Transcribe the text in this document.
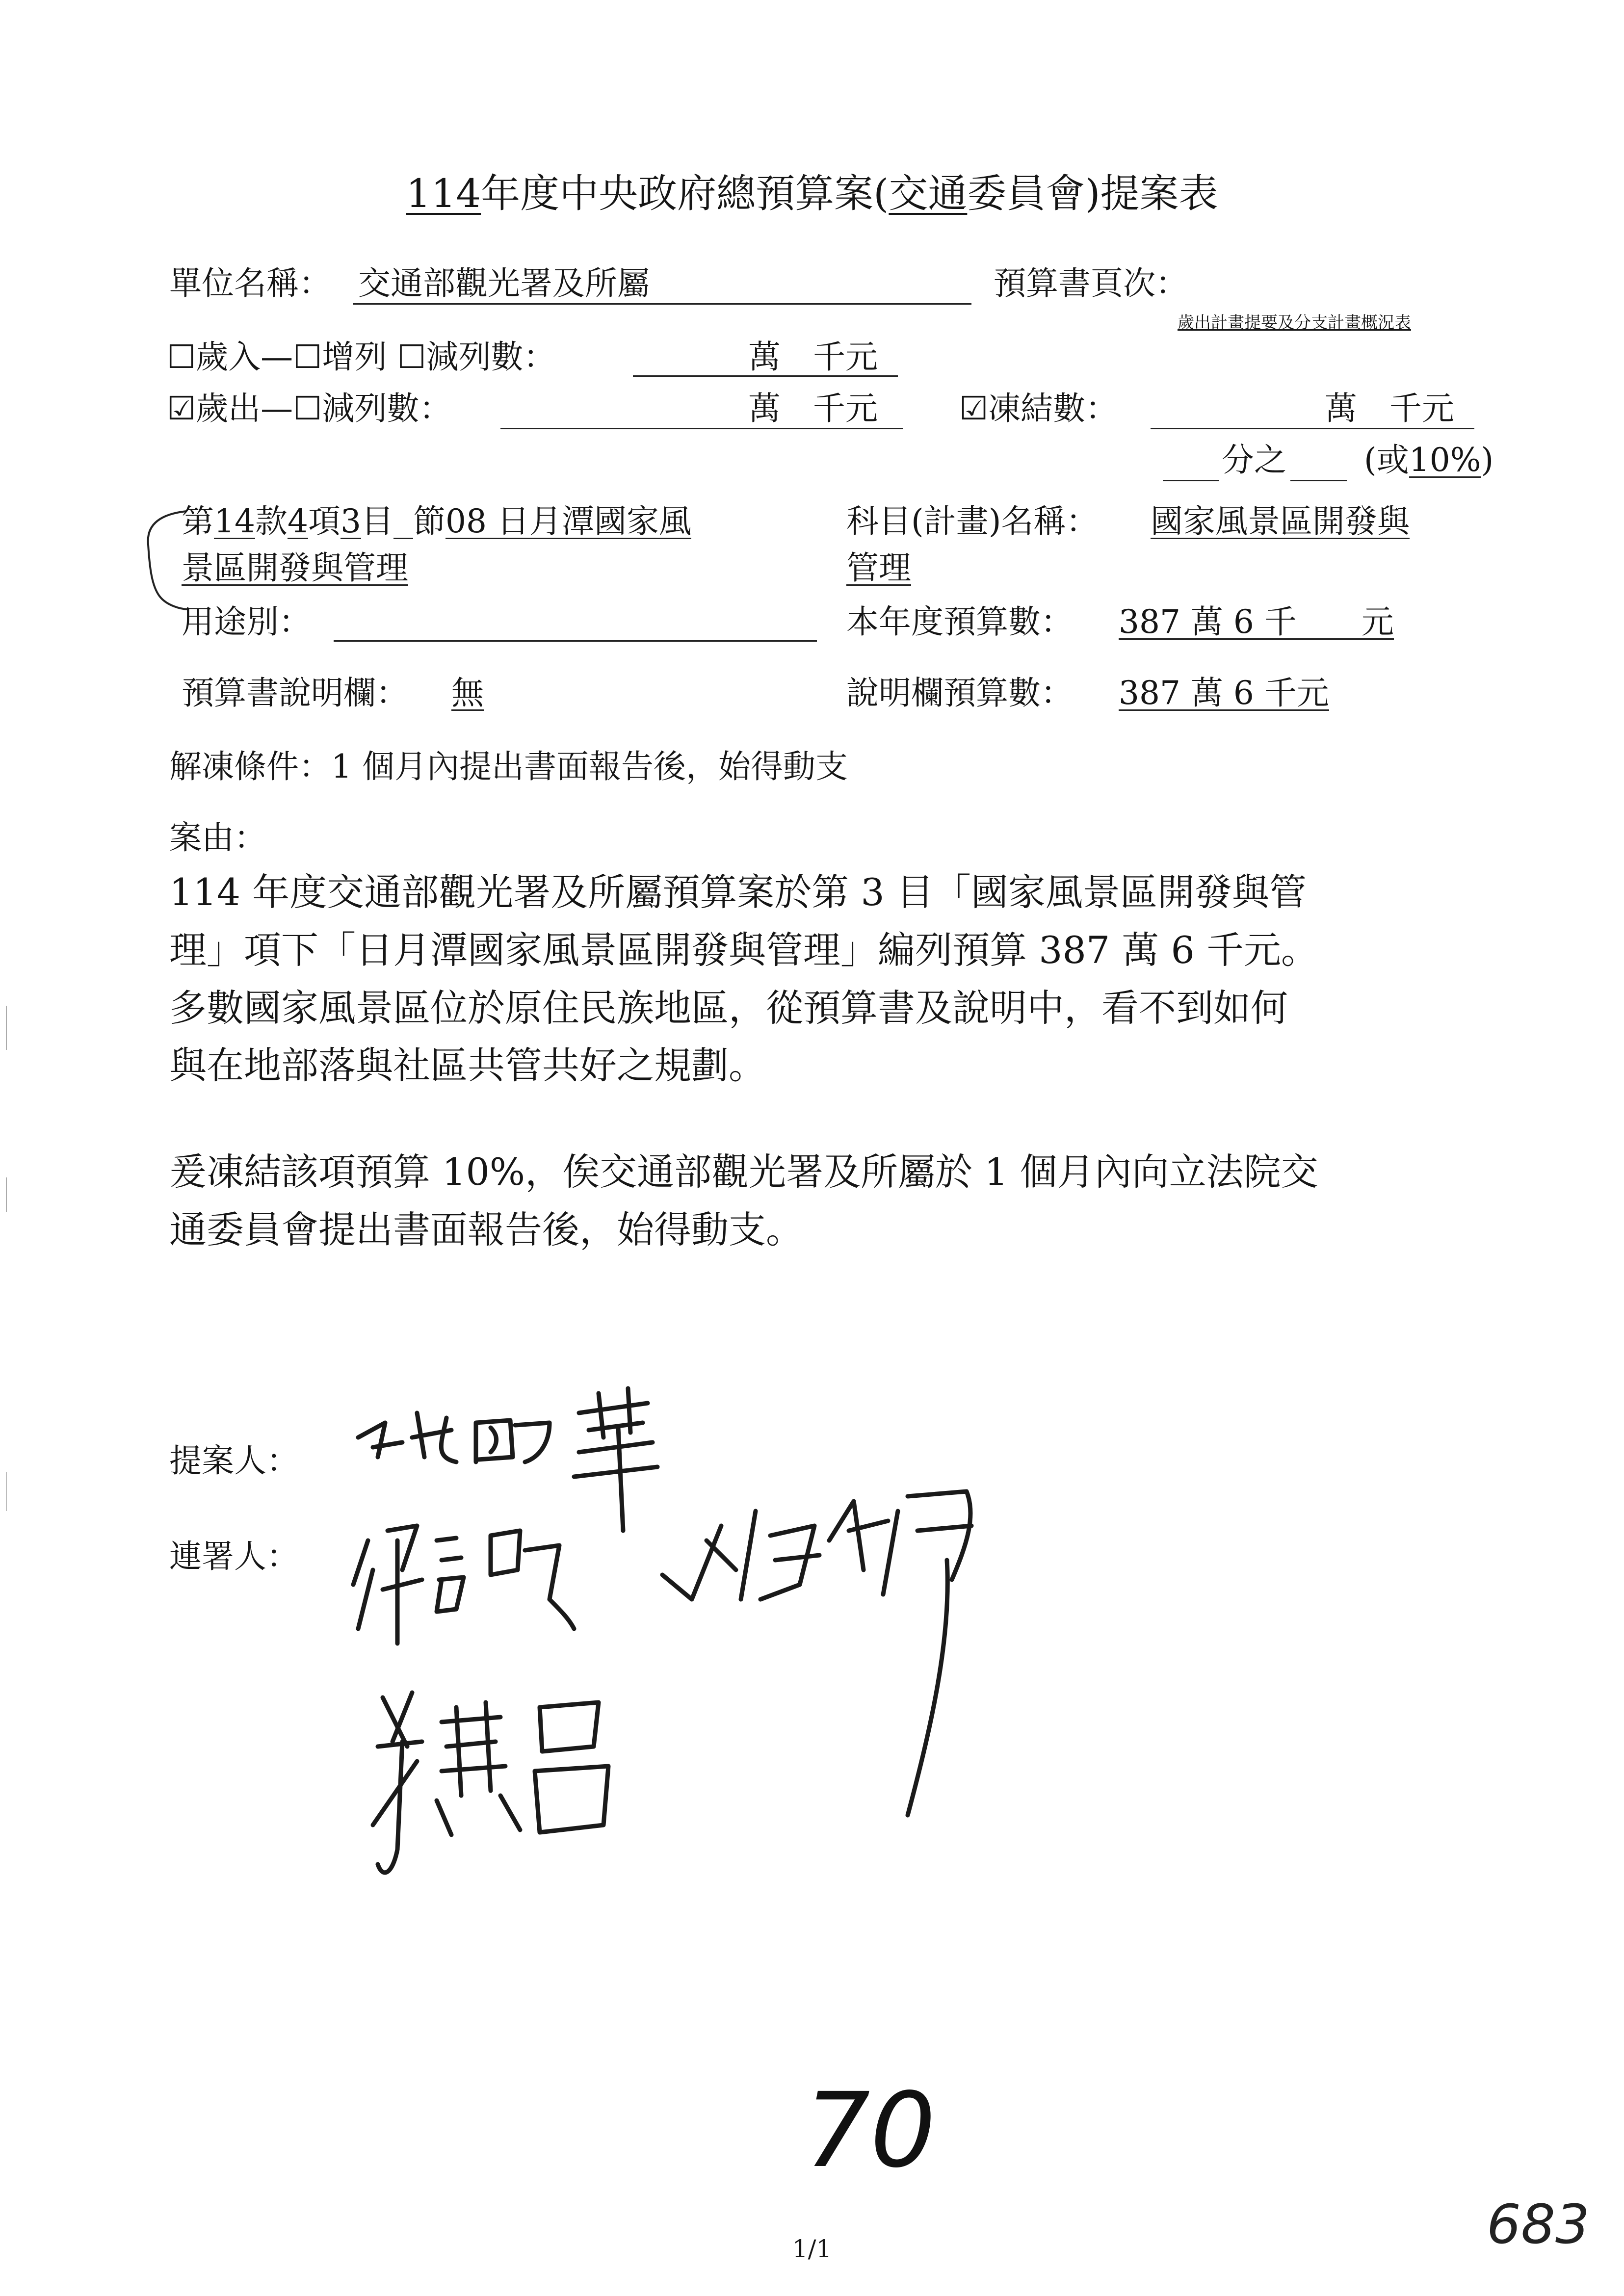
114年度中央政府總預算案(交通委員會)提案表
單位名稱： 交通部觀光署及所屬	預算書頁次：
歲出計畫提要及分支計畫概況表
☐歲入—☐增列 ☐減列數：	萬　千元
☑歲出—☐減列數：	萬　千元	☑凍結數：	萬　千元
分之 (或10%)
第14款4項3目 節08 日月潭國家風
景區開發與管理
科目(計畫)名稱： 國家風景區開發與
管理
用途別：	本年度預算數： 387 萬 6 千　　元
預算書說明欄： 無	說明欄預算數： 387 萬 6 千元
解凍條件：1 個月內提出書面報告後，始得動支
案由：
114 年度交通部觀光署及所屬預算案於第 3 目「國家風景區開發與管
理」項下「日月潭國家風景區開發與管理」編列預算 387 萬 6 千元。
多數國家風景區位於原住民族地區，從預算書及說明中，看不到如何
與在地部落與社區共管共好之規劃。
爰凍結該項預算 10%，俟交通部觀光署及所屬於 1 個月內向立法院交
通委員會提出書面報告後，始得動支。
提案人：
連署人：
70
1/1	683
